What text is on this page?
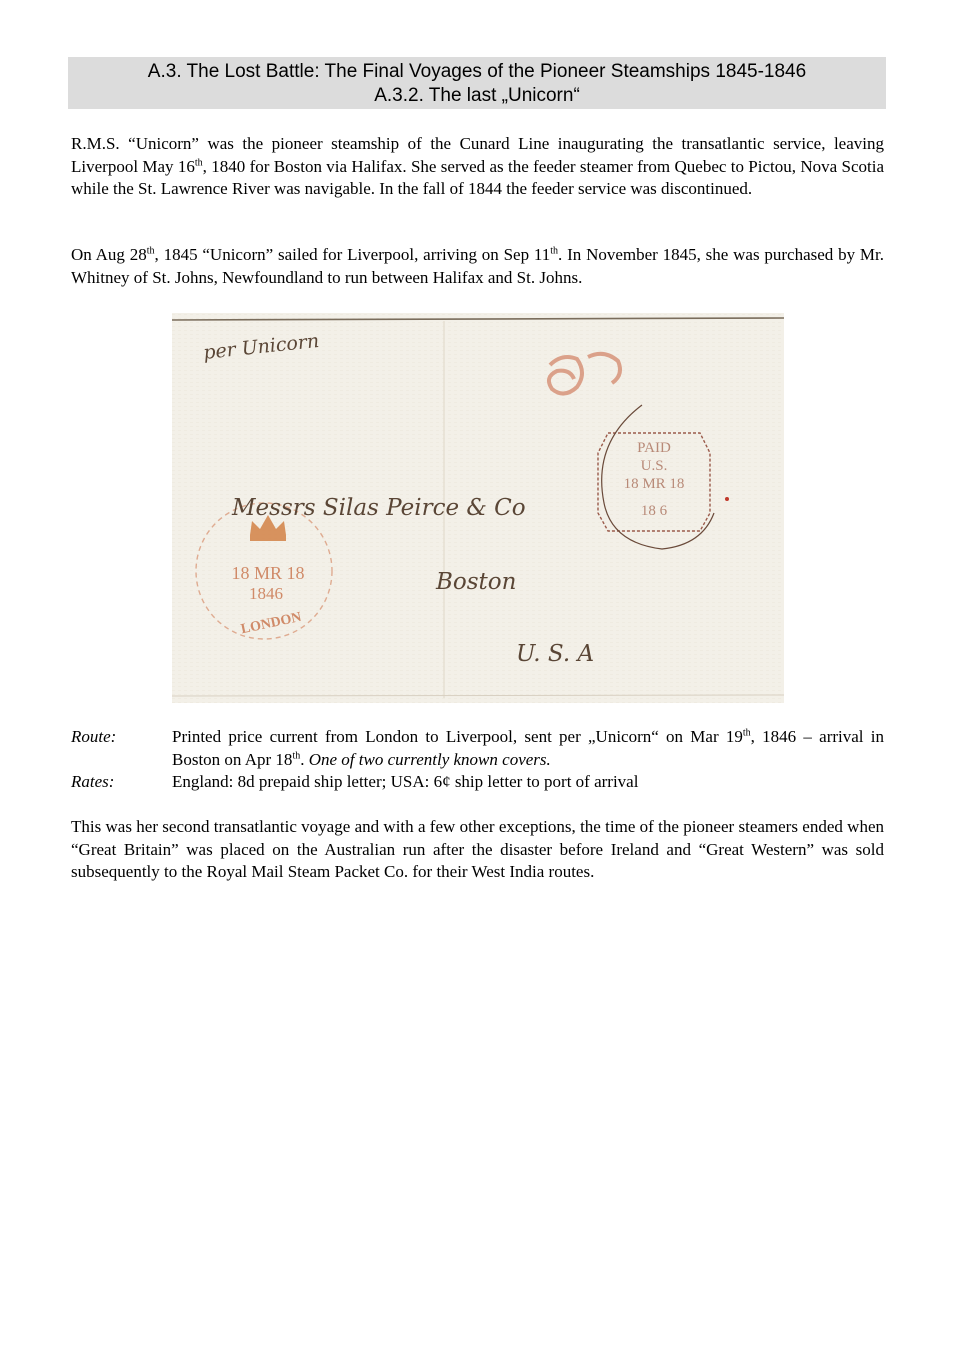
A.3. The Lost Battle: The Final Voyages of the Pioneer Steamships 1845-1846
A.3.2. The last „Unicorn“
R.M.S. “Unicorn” was the pioneer steamship of the Cunard Line inaugurating the transatlantic service, leaving Liverpool May 16th, 1840 for Boston via Halifax. She served as the feeder steamer from Quebec to Pictou, Nova Scotia while the St. Lawrence River was navigable. In the fall of 1844 the feeder service was discontinued.
On Aug 28th, 1845 “Unicorn” sailed for Liverpool, arriving on Sep 11th. In November 1845, she was purchased by Mr. Whitney of St. Johns, Newfoundland to run between Halifax and St. Johns.
per Unicorn
PAID
U.S.
18 MR 18
18 6
18 MR 18
1846
LONDON
Messrs Silas Peirce & Co
Boston
U. S. A
Route:	Printed price current from London to Liverpool, sent per „Unicorn“ on Mar 19th, 1846 – arrival in Boston on Apr 18th. One of two currently known covers.
Rates:	England: 8d prepaid ship letter; USA: 6¢ ship letter to port of arrival
This was her second transatlantic voyage and with a few other exceptions, the time of the pioneer steamers ended when “Great Britain” was placed on the Australian run after the disaster before Ireland and “Great Western” was sold subsequently to the Royal Mail Steam Packet Co. for their West India routes.
